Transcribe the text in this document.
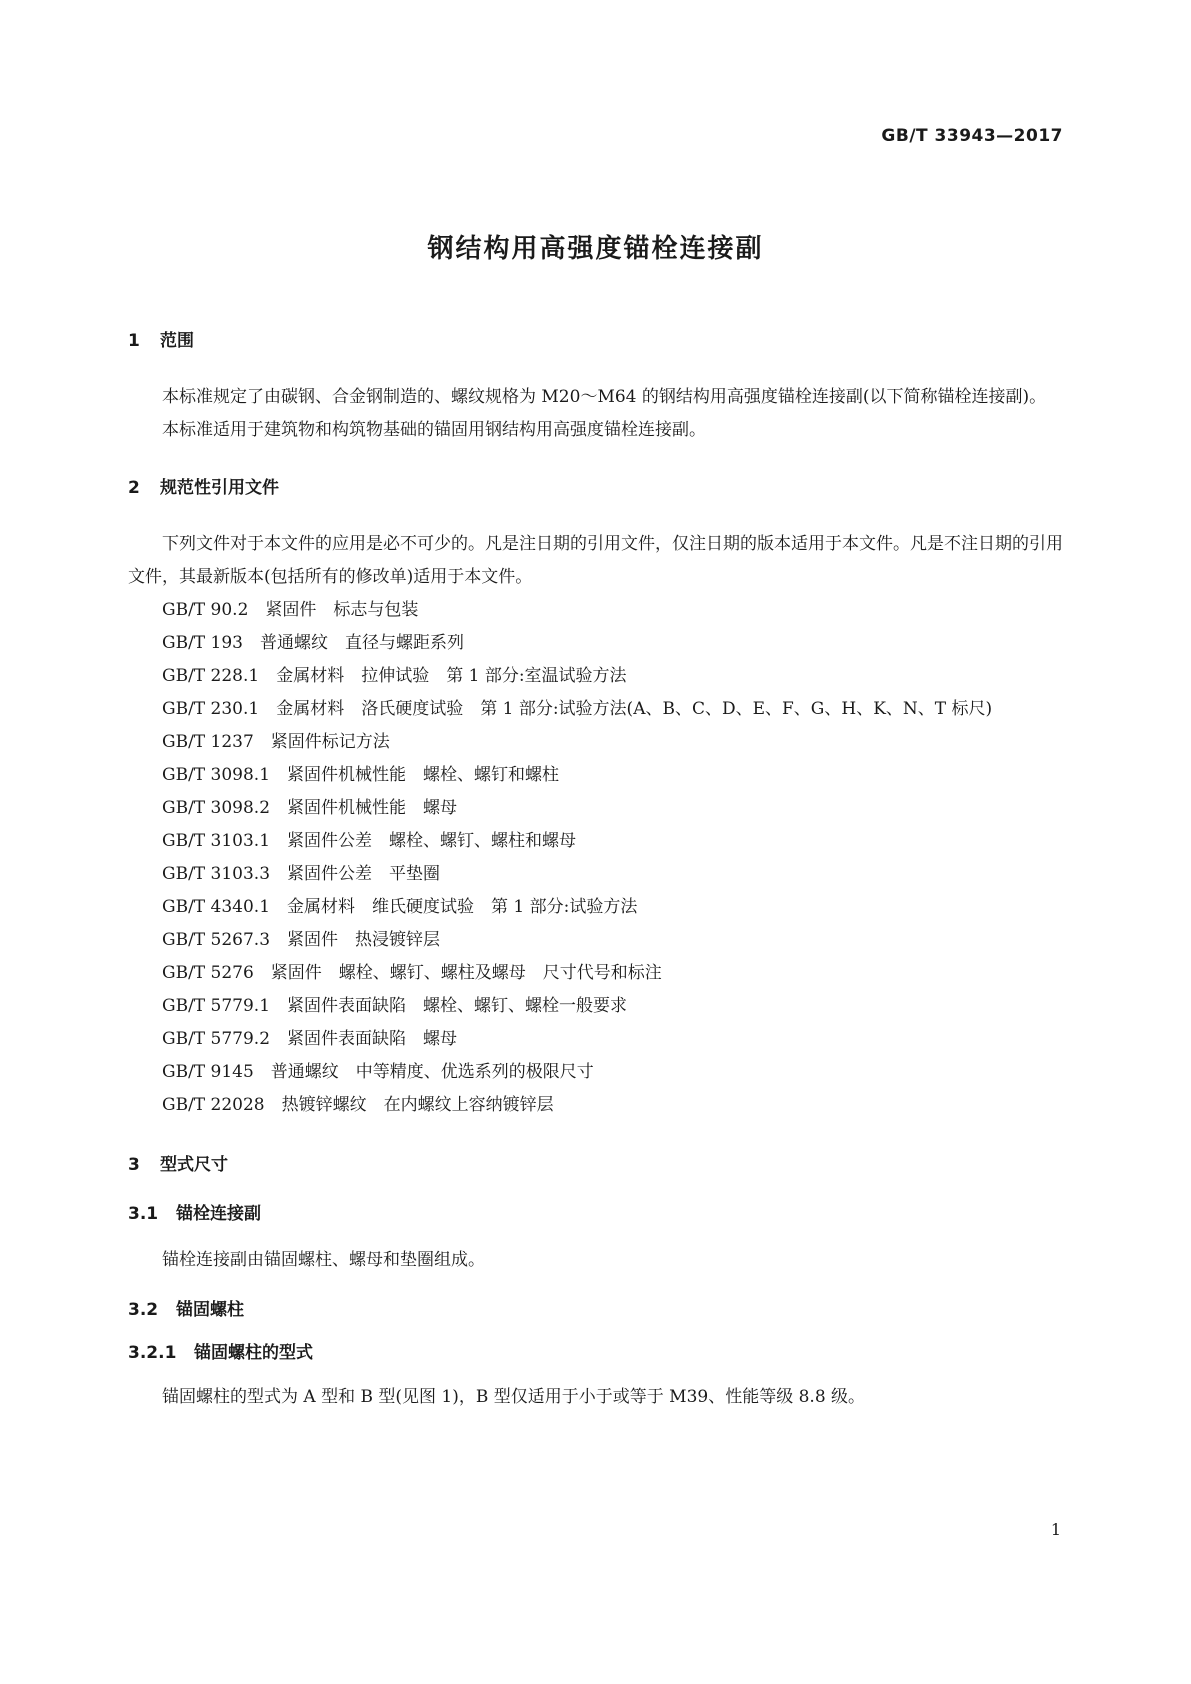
GB/T 33943—2017
钢结构用高强度锚栓连接副
1 范围

本标准规定了由碳钢、合金钢制造的、螺纹规格为 M20～M64 的钢结构用高强度锚栓连接副(以下简称锚栓连接副)。

本标准适用于建筑物和构筑物基础的锚固用钢结构用高强度锚栓连接副。

2 规范性引用文件

下列文件对于本文件的应用是必不可少的。凡是注日期的引用文件，仅注日期的版本适用于本文件。凡是不注日期的引用文件，其最新版本(包括所有的修改单)适用于本文件。

GB/T 90.2　紧固件　标志与包装
GB/T 193　普通螺纹　直径与螺距系列
GB/T 228.1　金属材料　拉伸试验　第 1 部分:室温试验方法
GB/T 230.1　金属材料　洛氏硬度试验　第 1 部分:试验方法(A、B、C、D、E、F、G、H、K、N、T 标尺)
GB/T 1237　紧固件标记方法
GB/T 3098.1　紧固件机械性能　螺栓、螺钉和螺柱
GB/T 3098.2　紧固件机械性能　螺母
GB/T 3103.1　紧固件公差　螺栓、螺钉、螺柱和螺母
GB/T 3103.3　紧固件公差　平垫圈
GB/T 4340.1　金属材料　维氏硬度试验　第 1 部分:试验方法
GB/T 5267.3　紧固件　热浸镀锌层
GB/T 5276　紧固件　螺栓、螺钉、螺柱及螺母　尺寸代号和标注
GB/T 5779.1　紧固件表面缺陷　螺栓、螺钉、螺栓一般要求
GB/T 5779.2　紧固件表面缺陷　螺母
GB/T 9145　普通螺纹　中等精度、优选系列的极限尺寸
GB/T 22028　热镀锌螺纹　在内螺纹上容纳镀锌层
3 型式尺寸
3.1 锚栓连接副

锚栓连接副由锚固螺柱、螺母和垫圈组成。

3.2 锚固螺柱
3.2.1 锚固螺柱的型式

锚固螺柱的型式为 A 型和 B 型(见图 1)，B 型仅适用于小于或等于 M39、性能等级 8.8 级。

1
